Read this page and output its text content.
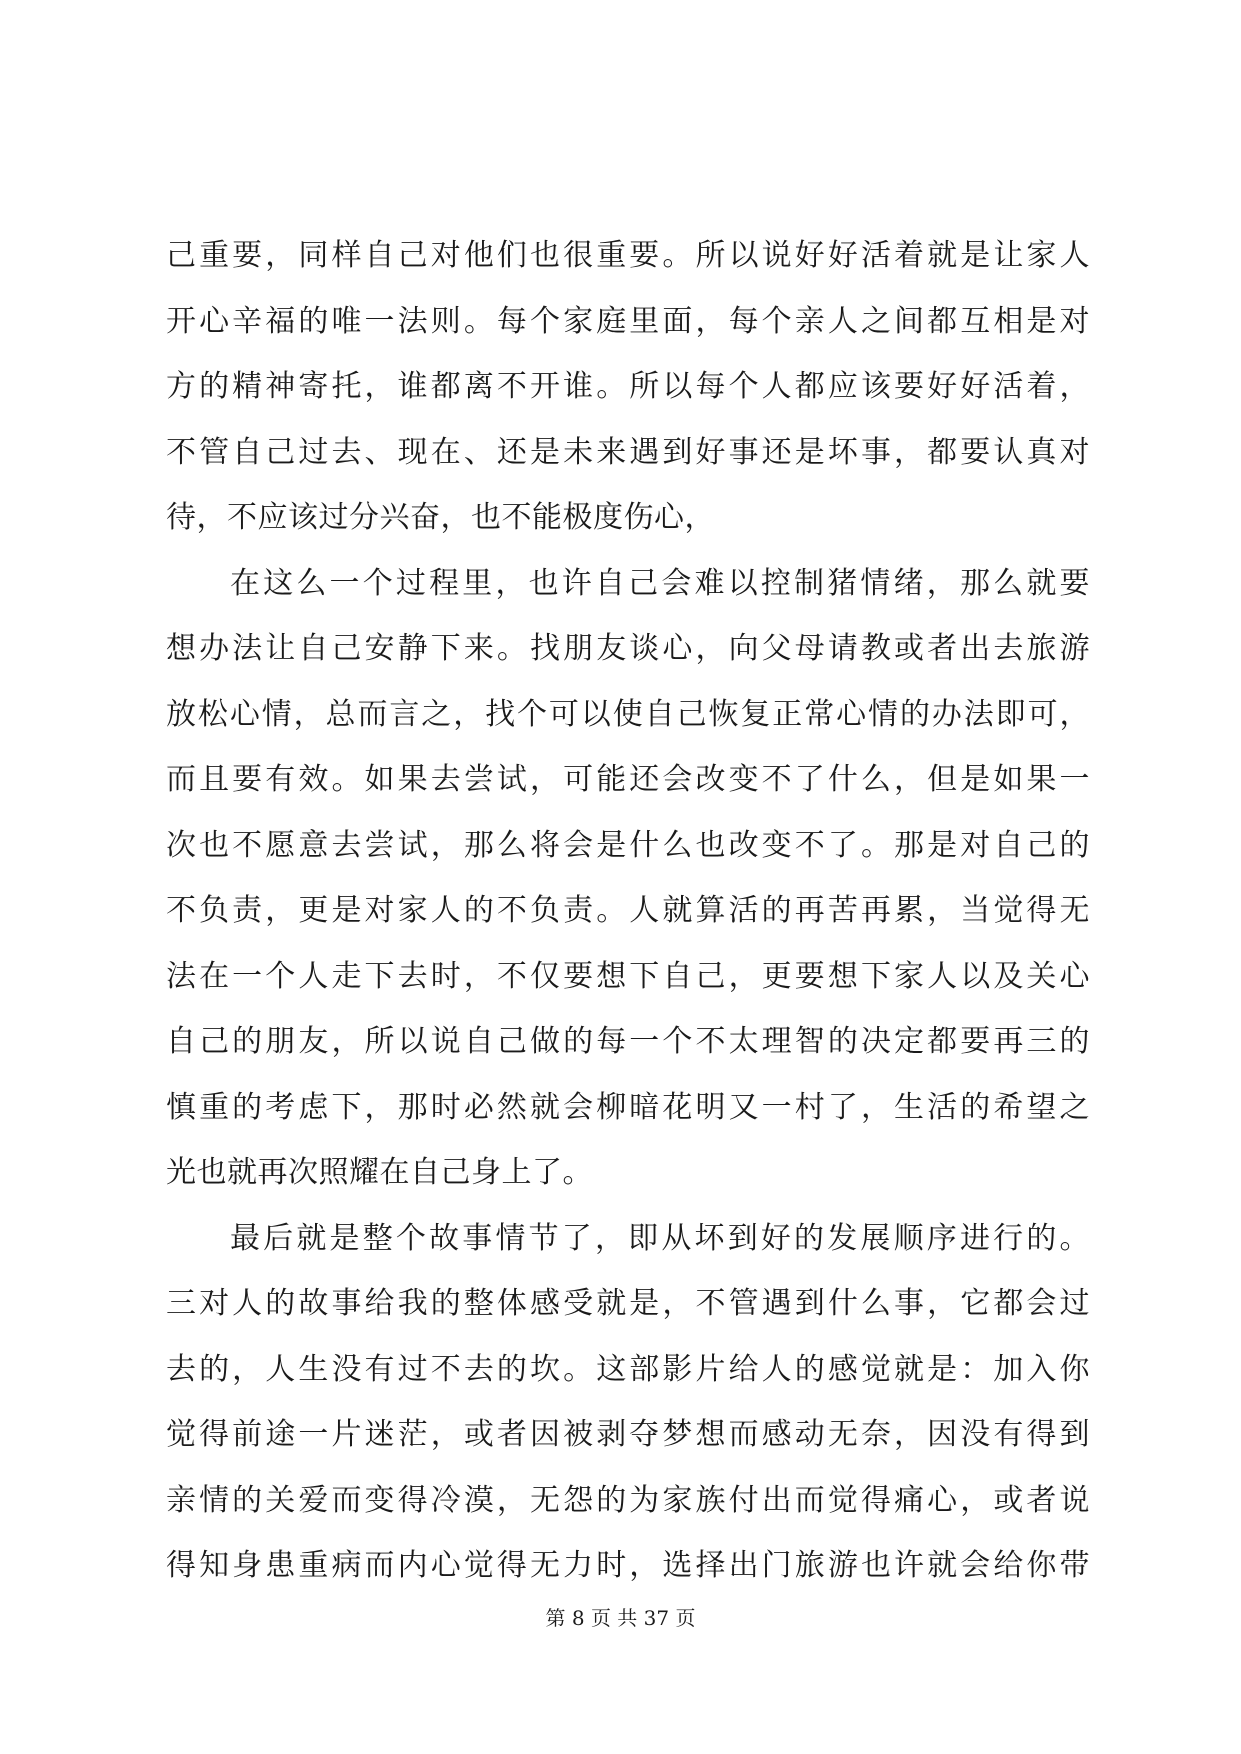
己重要，同样自己对他们也很重要。所以说好好活着就是让家人
开心辛福的唯一法则。每个家庭里面，每个亲人之间都互相是对
方的精神寄托，谁都离不开谁。所以每个人都应该要好好活着，
不管自己过去、现在、还是未来遇到好事还是坏事，都要认真对
待，不应该过分兴奋，也不能极度伤心，
在这么一个过程里，也许自己会难以控制猪情绪，那么就要
想办法让自己安静下来。找朋友谈心，向父母请教或者出去旅游
放松心情，总而言之，找个可以使自己恢复正常心情的办法即可，
而且要有效。如果去尝试，可能还会改变不了什么，但是如果一
次也不愿意去尝试，那么将会是什么也改变不了。那是对自己的
不负责，更是对家人的不负责。人就算活的再苦再累，当觉得无
法在一个人走下去时，不仅要想下自己，更要想下家人以及关心
自己的朋友，所以说自己做的每一个不太理智的决定都要再三的
慎重的考虑下，那时必然就会柳暗花明又一村了，生活的希望之
光也就再次照耀在自己身上了。
最后就是整个故事情节了，即从坏到好的发展顺序进行的。
三对人的故事给我的整体感受就是，不管遇到什么事，它都会过
去的，人生没有过不去的坎。这部影片给人的感觉就是：加入你
觉得前途一片迷茫，或者因被剥夺梦想而感动无奈，因没有得到
亲情的关爱而变得冷漠，无怨的为家族付出而觉得痛心，或者说
得知身患重病而内心觉得无力时，选择出门旅游也许就会给你带
第 8 页 共 37 页
